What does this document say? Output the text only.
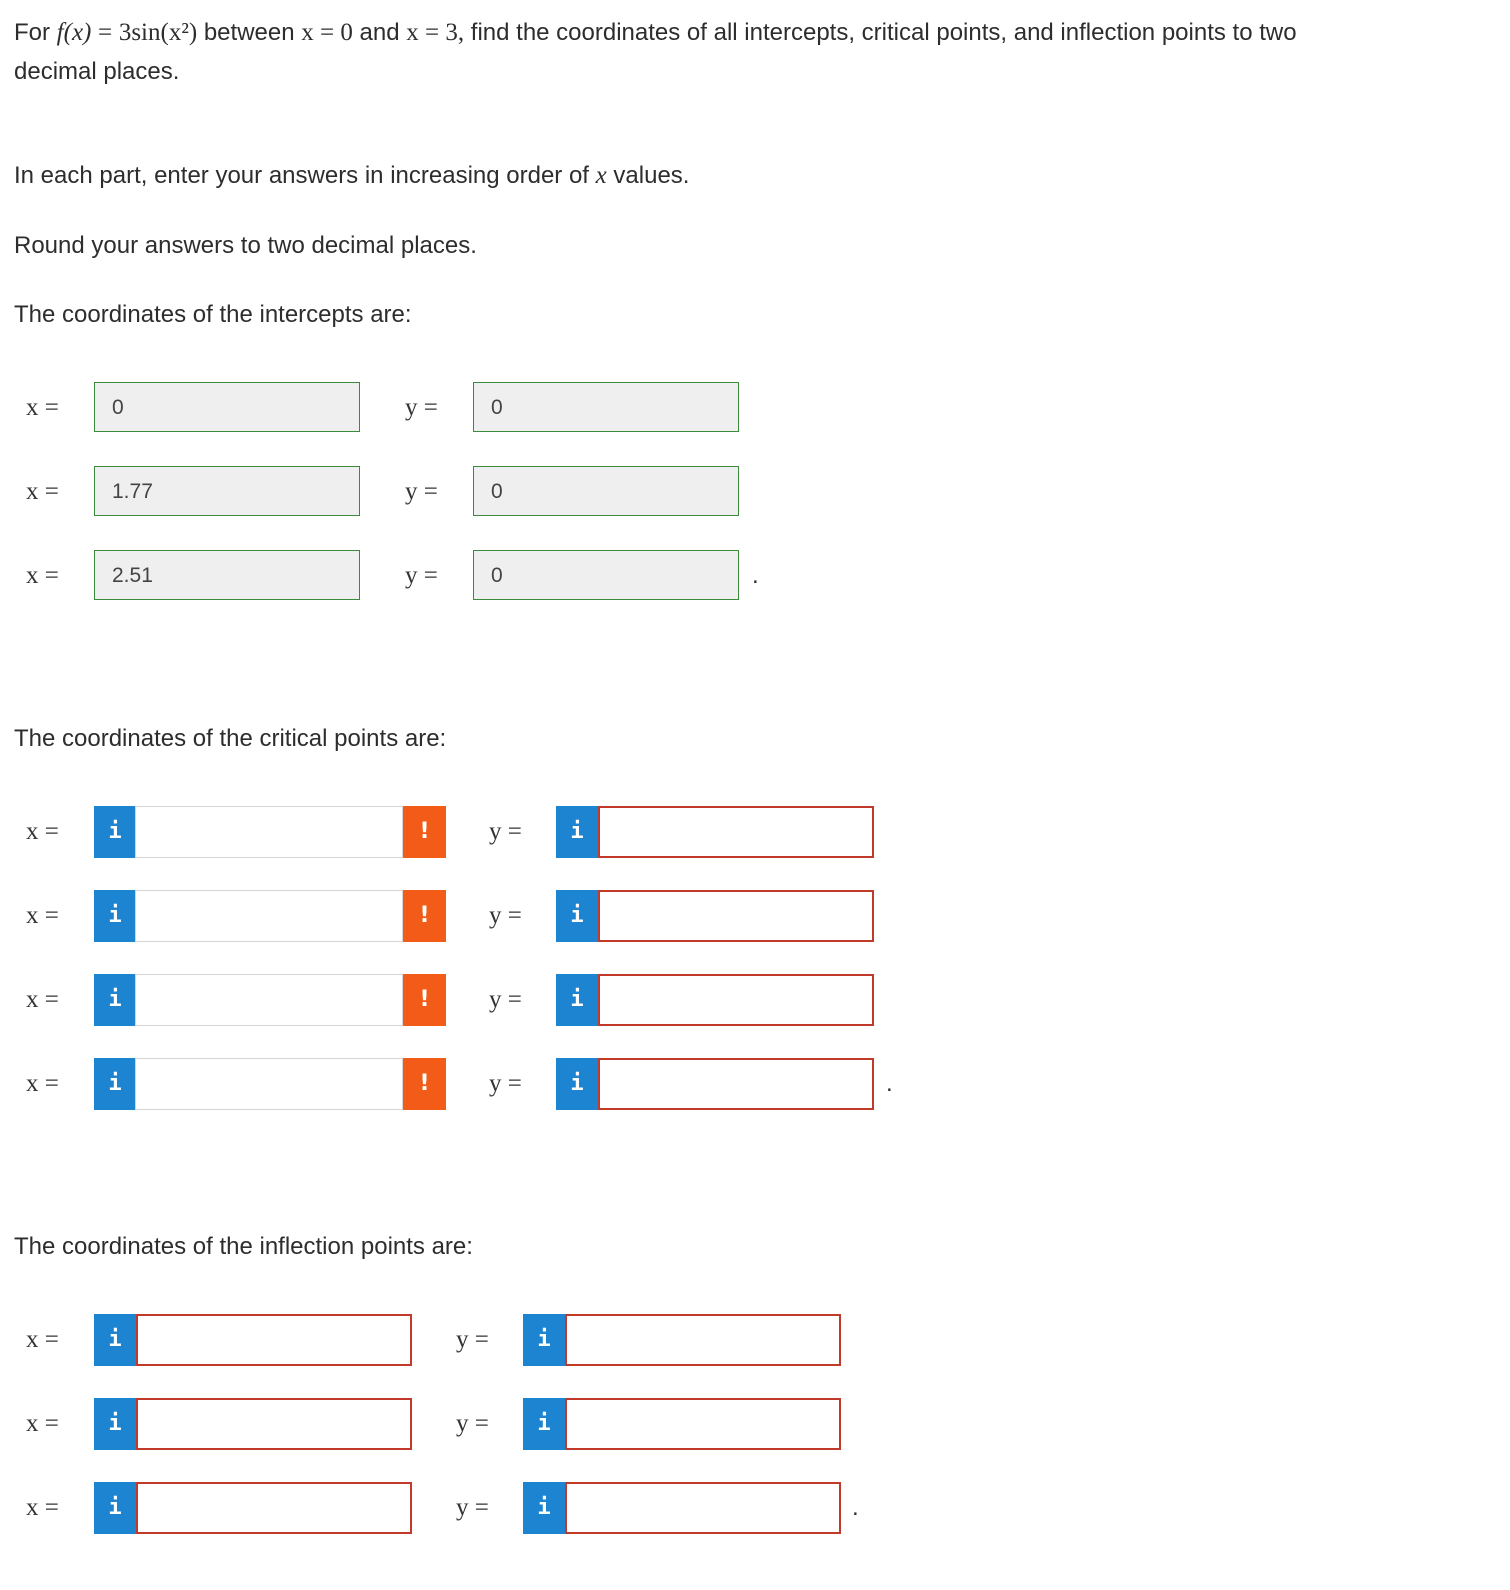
For f(x) = 3sin(x²) between x = 0 and x = 3, find the coordinates of all intercepts, critical points, and inflection points to two

decimal places.

In each part, enter your answers in increasing order of x values.

Round your answers to two decimal places.

The coordinates of the intercepts are:

x =	0	y =	0
x =	1.77	y =	0
x =	2.51	y =	0	.

The coordinates of the critical points are:

x =	i	!	y =	i
x =	i	!	y =	i
x =	i	!	y =	i
x =	i	!	y =	i	.

The coordinates of the inflection points are:

x =	i	y =	i
x =	i	y =	i
x =	i	y =	i	.
